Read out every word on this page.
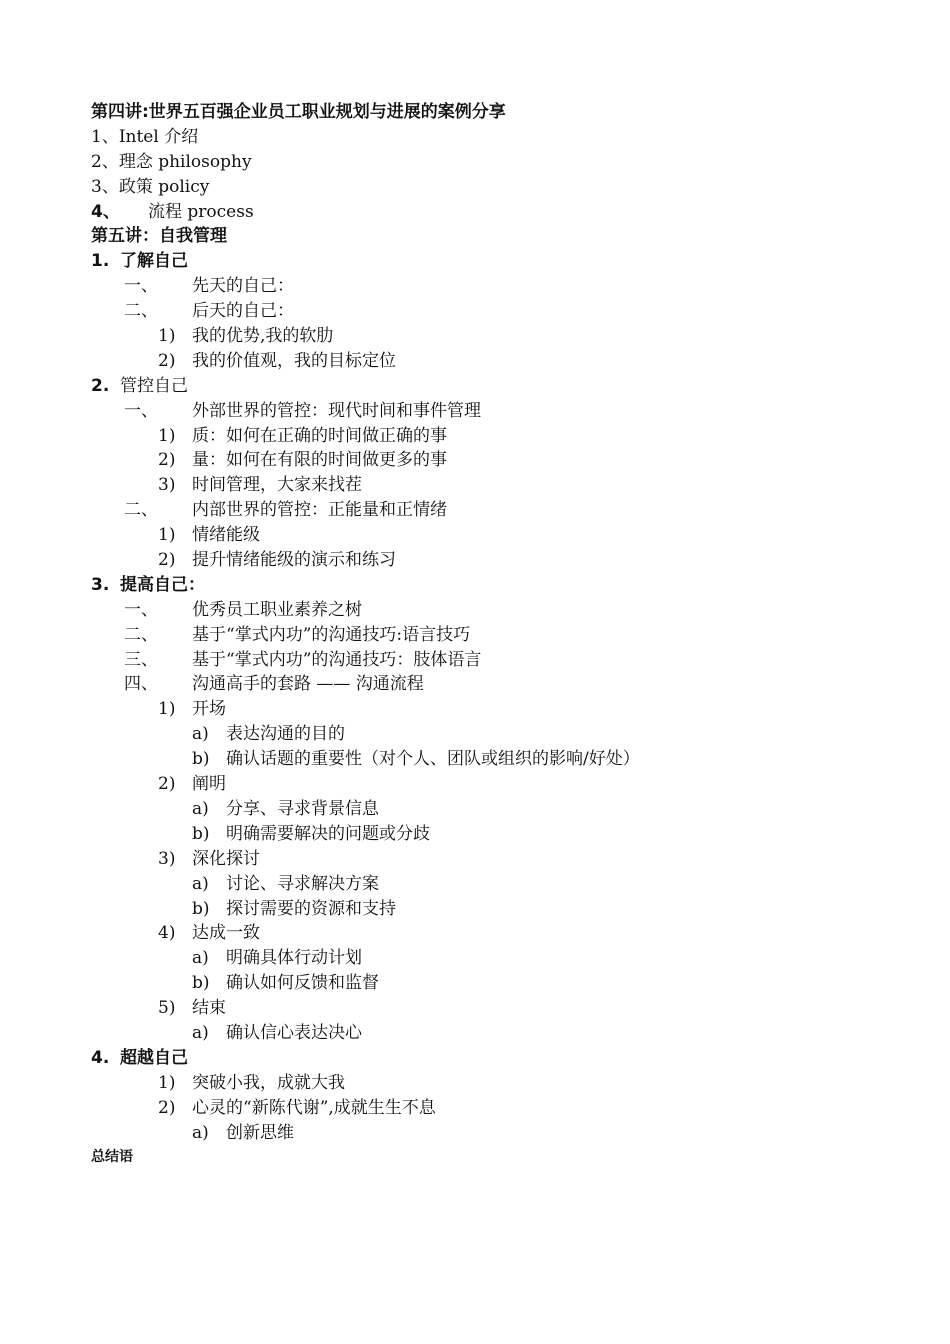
第四讲:世界五百强企业员工职业规划与进展的案例分享
1、Intel 介绍
2、理念 philosophy
3、政策 policy
4、 流程 process
第五讲：自我管理
1. 了解自己
一、 先天的自己：
二、 后天的自己：
1) 我的优势,我的软肋
2) 我的价值观，我的目标定位
2. 管控自己
一、 外部世界的管控：现代时间和事件管理
1) 质：如何在正确的时间做正确的事
2) 量：如何在有限的时间做更多的事
3) 时间管理，大家来找茬
二、 内部世界的管控：正能量和正情绪
1) 情绪能级
2) 提升情绪能级的演示和练习
3. 提高自己：
一、 优秀员工职业素养之树
二、 基于“掌式内功”的沟通技巧:语言技巧
三、 基于“掌式内功”的沟通技巧：肢体语言
四、 沟通高手的套路 —— 沟通流程
1) 开场
a) 表达沟通的目的
b) 确认话题的重要性（对个人、团队或组织的影响/好处）
2) 阐明
a) 分享、寻求背景信息
b) 明确需要解决的问题或分歧
3) 深化探讨
a) 讨论、寻求解决方案
b) 探讨需要的资源和支持
4) 达成一致
a) 明确具体行动计划
b) 确认如何反馈和监督
5) 结束
a) 确认信心表达决心
4. 超越自己
1) 突破小我，成就大我
2) 心灵的“新陈代谢”,成就生生不息
a) 创新思维
总结语
